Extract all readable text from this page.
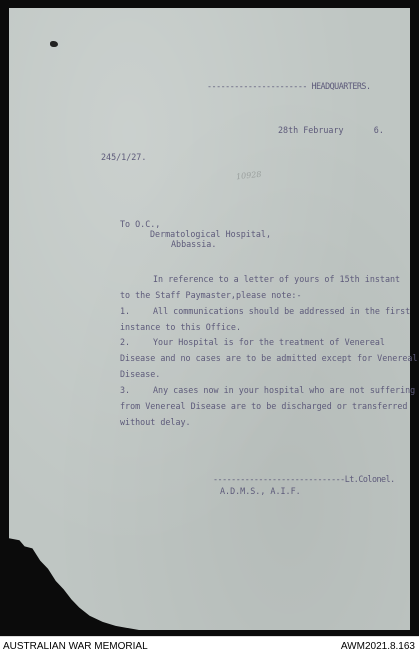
---------------------- HEADQUARTERS.
28th February      6.
245/1/27.
10928
To O.C.,
Dermatological Hospital,
Abbassia.
In reference to a letter of yours of 15th instant
to the Staff Paymaster,please note:-
1.	All communications should be addressed in the first
instance to this Office.
2.	Your Hospital is for the treatment of Venereal
Disease and no cases are to be admitted except for Venereal
Disease.
3.	Any cases now in your hospital who are not suffering
from Venereal Disease are to be discharged or transferred
without delay.
-----------------------------Lt.Colonel.
A.D.M.S., A.I.F.
AUSTRALIAN WAR MEMORIAL	AWM2021.8.163
